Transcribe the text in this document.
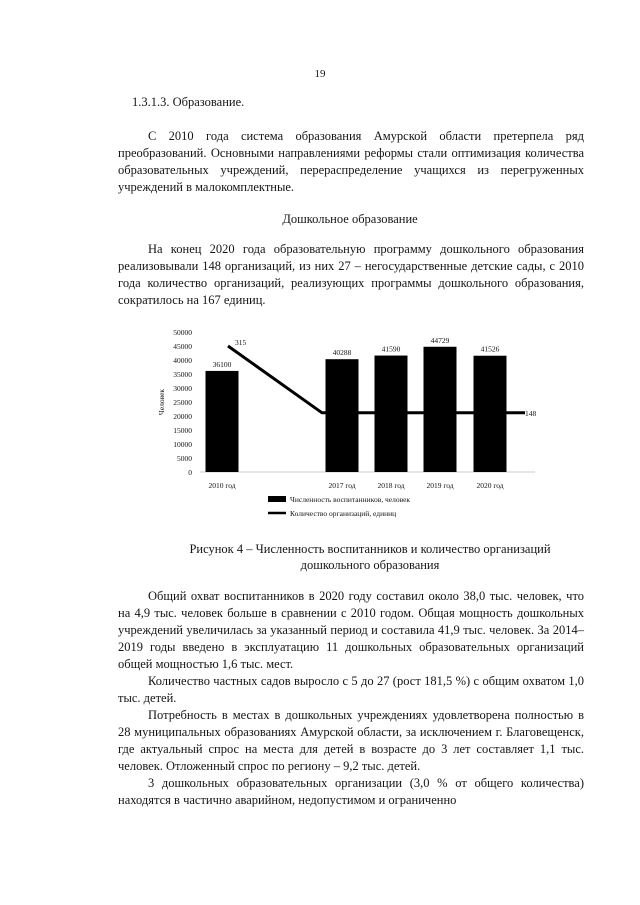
19
1.3.1.3. Образование.

С 2010 года система образования Амурской области претерпела ряд преобразований. Основными направлениями реформы стали оптимизация количества образовательных учреждений, перераспределение учащихся из перегруженных учреждений в малокомплектные.

Дошкольное образование

На конец 2020 года образовательную программу дошкольного образования реализовывали 148 организаций, из них 27 – негосударственные детские сады, с 2010 года количество организаций, реализующих программы дошкольного образования, сократилось на 167 единиц.

0
5000
10000
15000
20000
25000
30000
35000
40000
45000
50000
Человек
36100
2010 год
40288
2017 год
41590
2018 год
44729
2019 год
41526
2020 год
315
148
Численность воспитанников, человек
Количество организаций, единиц
Рисунок 4 – Численность воспитанников и количество организаций
дошкольного образования

Общий охват воспитанников в 2020 году составил около 38,0 тыс. человек, что на 4,9 тыс. человек больше в сравнении с 2010 годом. Общая мощность дошкольных учреждений увеличилась за указанный период и составила 41,9 тыс. человек. За 2014–2019 годы введено в эксплуатацию 11 дошкольных образовательных организаций общей мощностью 1,6 тыс. мест.

Количество частных садов выросло с 5 до 27 (рост 181,5 %) с общим охватом 1,0 тыс. детей.

Потребность в местах в дошкольных учреждениях удовлетворена полностью в 28 муниципальных образованиях Амурской области, за исключением г. Благовещенск, где актуальный спрос на места для детей в возрасте до 3 лет составляет 1,1 тыс. человек. Отложенный спрос по региону – 9,2 тыс. детей.

3 дошкольных образовательных организации (3,0 % от общего количества) находятся в частично аварийном, недопустимом и ограниченно
